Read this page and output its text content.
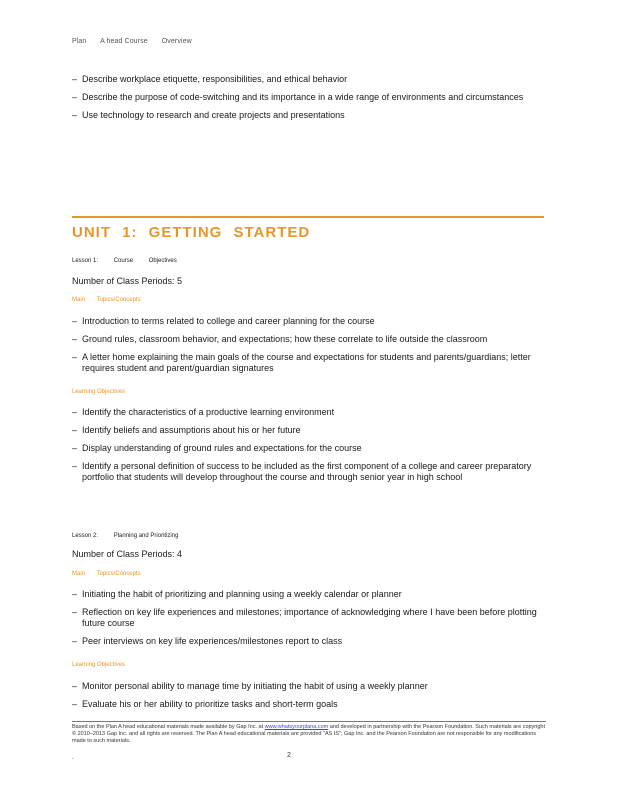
Plan A head Course Overview
– Describe workplace etiquette, responsibilities, and ethical behavior
– Describe the purpose of code-switching and its importance in a wide range of environments and circumstances
– Use technology to research and create projects and presentations
UNIT 1: GETTING STARTED
Lesson 1:	Course	Objectives
Number of Class Periods: 5
Main Topics/Concepts
– Introduction to terms related to college and career planning for the course
– Ground rules, classroom behavior, and expectations; how these correlate to life outside the classroom
– A letter home explaining the main goals of the course and expectations for students and parents/guardians; letter requires student and parent/guardian signatures
Learning Objectives
– Identify the characteristics of a productive learning environment
– Identify beliefs and assumptions about his or her future
– Display understanding of ground rules and expectations for the course
– Identify a personal definition of success to be included as the first component of a college and career preparatory portfolio that students will develop throughout the course and through senior year in high school
Lesson 2:	Planning and Prioritizing
Number of Class Periods: 4
Main Topics/Concepts
– Initiating the habit of prioritizing and planning using a weekly calendar or planner
– Reflection on key life experiences and milestones; importance of acknowledging where I have been before plotting future course
– Peer interviews on key life experiences/milestones report to class
Learning Objectives
– Monitor personal ability to manage time by initiating the habit of using a weekly planner
– Evaluate his or her ability to prioritize tasks and short-term goals
Based on the Plan A head educational materials made available by Gap Inc. at www.whatsyourplana.com and developed in partnership with the Pearson Foundation. Such materials are copyright © 2010–2013 Gap Inc. and all rights are reserved. The Plan A head educational materials are provided "AS IS"; Gap Inc. and the Pearson Foundation are not responsible for any modifications made to such materials.
.	2
